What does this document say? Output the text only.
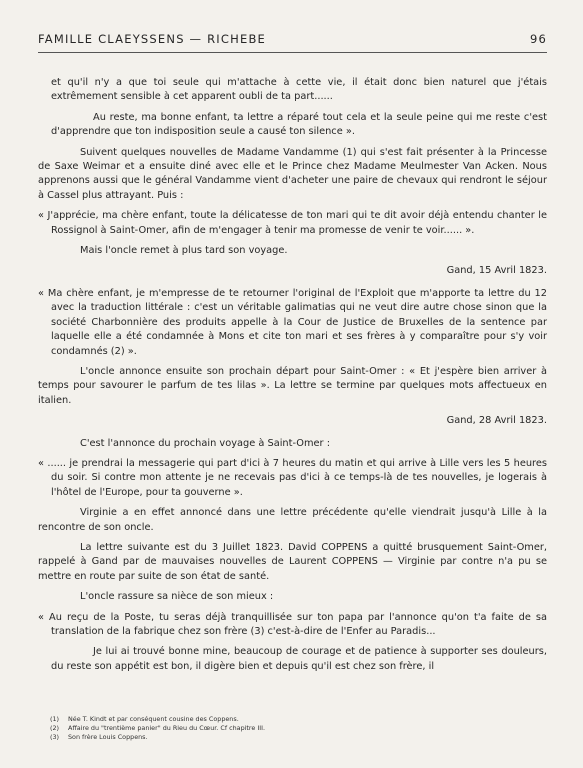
FAMILLE CLAEYSSENS — RICHEBE	96

et qu'il n'y a que toi seule qui m'attache à cette vie, il était donc bien naturel que j'étais extrêmement sensible à cet apparent oubli de ta part......

Au reste, ma bonne enfant, ta lettre a réparé tout cela et la seule peine qui me reste c'est d'apprendre que ton indisposition seule a causé ton silence ».

Suivent quelques nouvelles de Madame Vandamme (1) qui s'est fait présenter à la Princesse de Saxe Weimar et a ensuite diné avec elle et le Prince chez Madame Meulmester Van Acken. Nous apprenons aussi que le général Vandamme vient d'acheter une paire de chevaux qui rendront le séjour à Cassel plus attrayant. Puis :

« J'apprécie, ma chère enfant, toute la délicatesse de ton mari qui te dit avoir déjà entendu chanter le Rossignol à Saint-Omer, afin de m'engager à tenir ma promesse de venir te voir...... ».

Mais l'oncle remet à plus tard son voyage.

Gand, 15 Avril 1823.

« Ma chère enfant, je m'empresse de te retourner l'original de l'Exploit que m'apporte ta lettre du 12 avec la traduction littérale : c'est un véritable galimatias qui ne veut dire autre chose sinon que la société Charbonnière des produits appelle à la Cour de Justice de Bruxelles de la sentence par laquelle elle a été condamnée à Mons et cite ton mari et ses frères à y comparaître pour s'y voir condamnés (2) ».

L'oncle annonce ensuite son prochain départ pour Saint-Omer : « Et j'espère bien arriver à temps pour savourer le parfum de tes lilas ». La lettre se termine par quelques mots affectueux en italien.

Gand, 28 Avril 1823.

C'est l'annonce du prochain voyage à Saint-Omer :

« ...... je prendrai la messagerie qui part d'ici à 7 heures du matin et qui arrive à Lille vers les 5 heures du soir. Si contre mon attente je ne recevais pas d'ici à ce temps-là de tes nouvelles, je logerais à l'hôtel de l'Europe, pour ta gouverne ».

Virginie a en effet annoncé dans une lettre précédente qu'elle viendrait jusqu'à Lille à la rencontre de son oncle.

La lettre suivante est du 3 Juillet 1823. David COPPENS a quitté brusquement Saint-Omer, rappelé à Gand par de mauvaises nouvelles de Laurent COPPENS — Virginie par contre n'a pu se mettre en route par suite de son état de santé.

L'oncle rassure sa nièce de son mieux :

« Au reçu de la Poste, tu seras déjà tranquillisée sur ton papa par l'annonce qu'on t'a faite de sa translation de la fabrique chez son frère (3) c'est-à-dire de l'Enfer au Paradis...

Je lui ai trouvé bonne mine, beaucoup de courage et de patience à supporter ses douleurs, du reste son appétit est bon, il digère bien et depuis qu'il est chez son frère, il

(1) Née T. Kindt et par conséquent cousine des Coppens.
(2) Affaire du "trentième panier" du Rieu du Cœur. Cf chapitre III.
(3) Son frère Louis Coppens.
